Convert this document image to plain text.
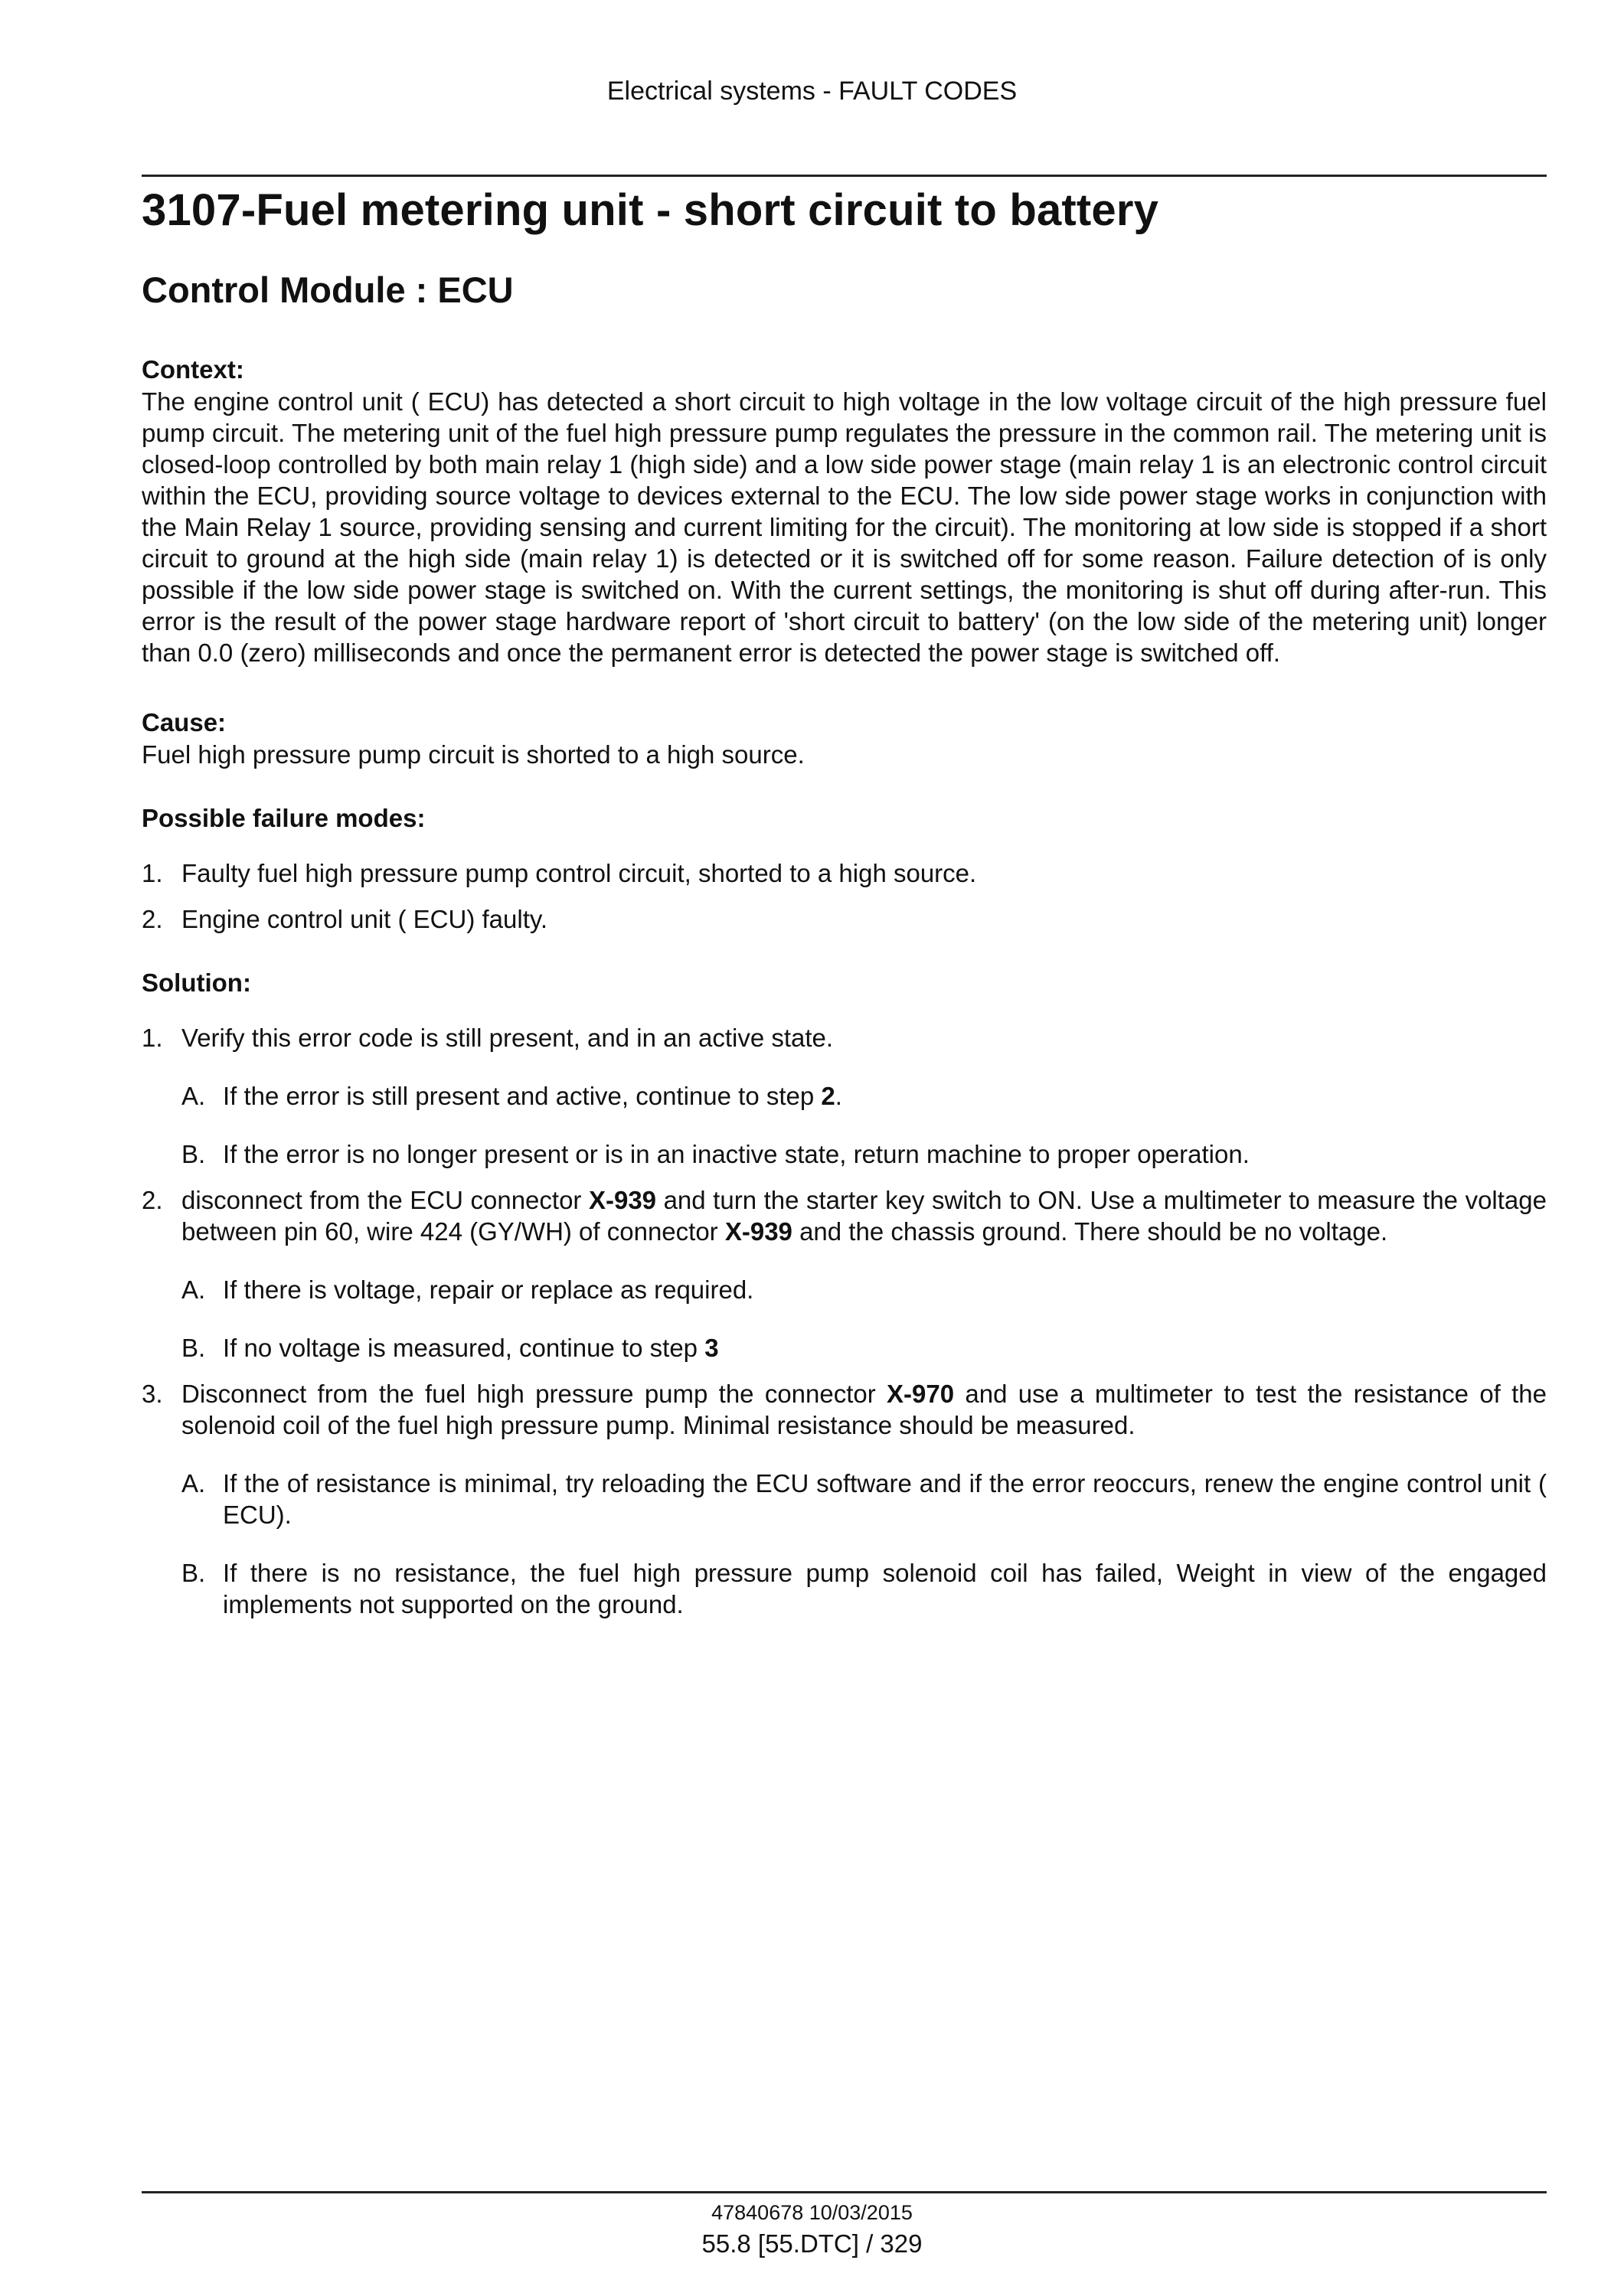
Electrical systems - FAULT CODES
3107-Fuel metering unit - short circuit to battery
Control Module : ECU

Context:

The engine control unit ( ECU) has detected a short circuit to high voltage in the low voltage circuit of the high pressure fuel pump circuit. The metering unit of the fuel high pressure pump regulates the pressure in the common rail. The metering unit is closed-loop controlled by both main relay 1 (high side) and a low side power stage (main relay 1 is an electronic control circuit within the ECU, providing source voltage to devices external to the ECU. The low side power stage works in conjunction with the Main Relay 1 source, providing sensing and current limiting for the circuit). The monitoring at low side is stopped if a short circuit to ground at the high side (main relay 1) is detected or it is switched off for some reason. Failure detection of is only possible if the low side power stage is switched on. With the current settings, the monitoring is shut off during after-run. This error is the result of the power stage hardware report of 'short circuit to battery' (on the low side of the metering unit) longer than 0.0 (zero) milliseconds and once the permanent error is detected the power stage is switched off.

Cause:

Fuel high pressure pump circuit is shorted to a high source.

Possible failure modes:

1. Faulty fuel high pressure pump control circuit, shorted to a high source.
2. Engine control unit ( ECU) faulty.

Solution:

1. Verify this error code is still present, and in an active state.
A. If the error is still present and active, continue to step 2.
B. If the error is no longer present or is in an inactive state, return machine to proper operation.
2. disconnect from the ECU connector X-939 and turn the starter key switch to ON. Use a multimeter to measure the voltage between pin 60, wire 424 (GY/WH) of connector X-939 and the chassis ground. There should be no voltage.
A. If there is voltage, repair or replace as required.
B. If no voltage is measured, continue to step 3
3. Disconnect from the fuel high pressure pump the connector X-970 and use a multimeter to test the resistance of the solenoid coil of the fuel high pressure pump. Minimal resistance should be measured.
A. If the of resistance is minimal, try reloading the ECU software and if the error reoccurs, renew the engine control unit ( ECU).
B. If there is no resistance, the fuel high pressure pump solenoid coil has failed, Weight in view of the engaged implements not supported on the ground.
47840678 10/03/2015
55.8 [55.DTC] / 329
